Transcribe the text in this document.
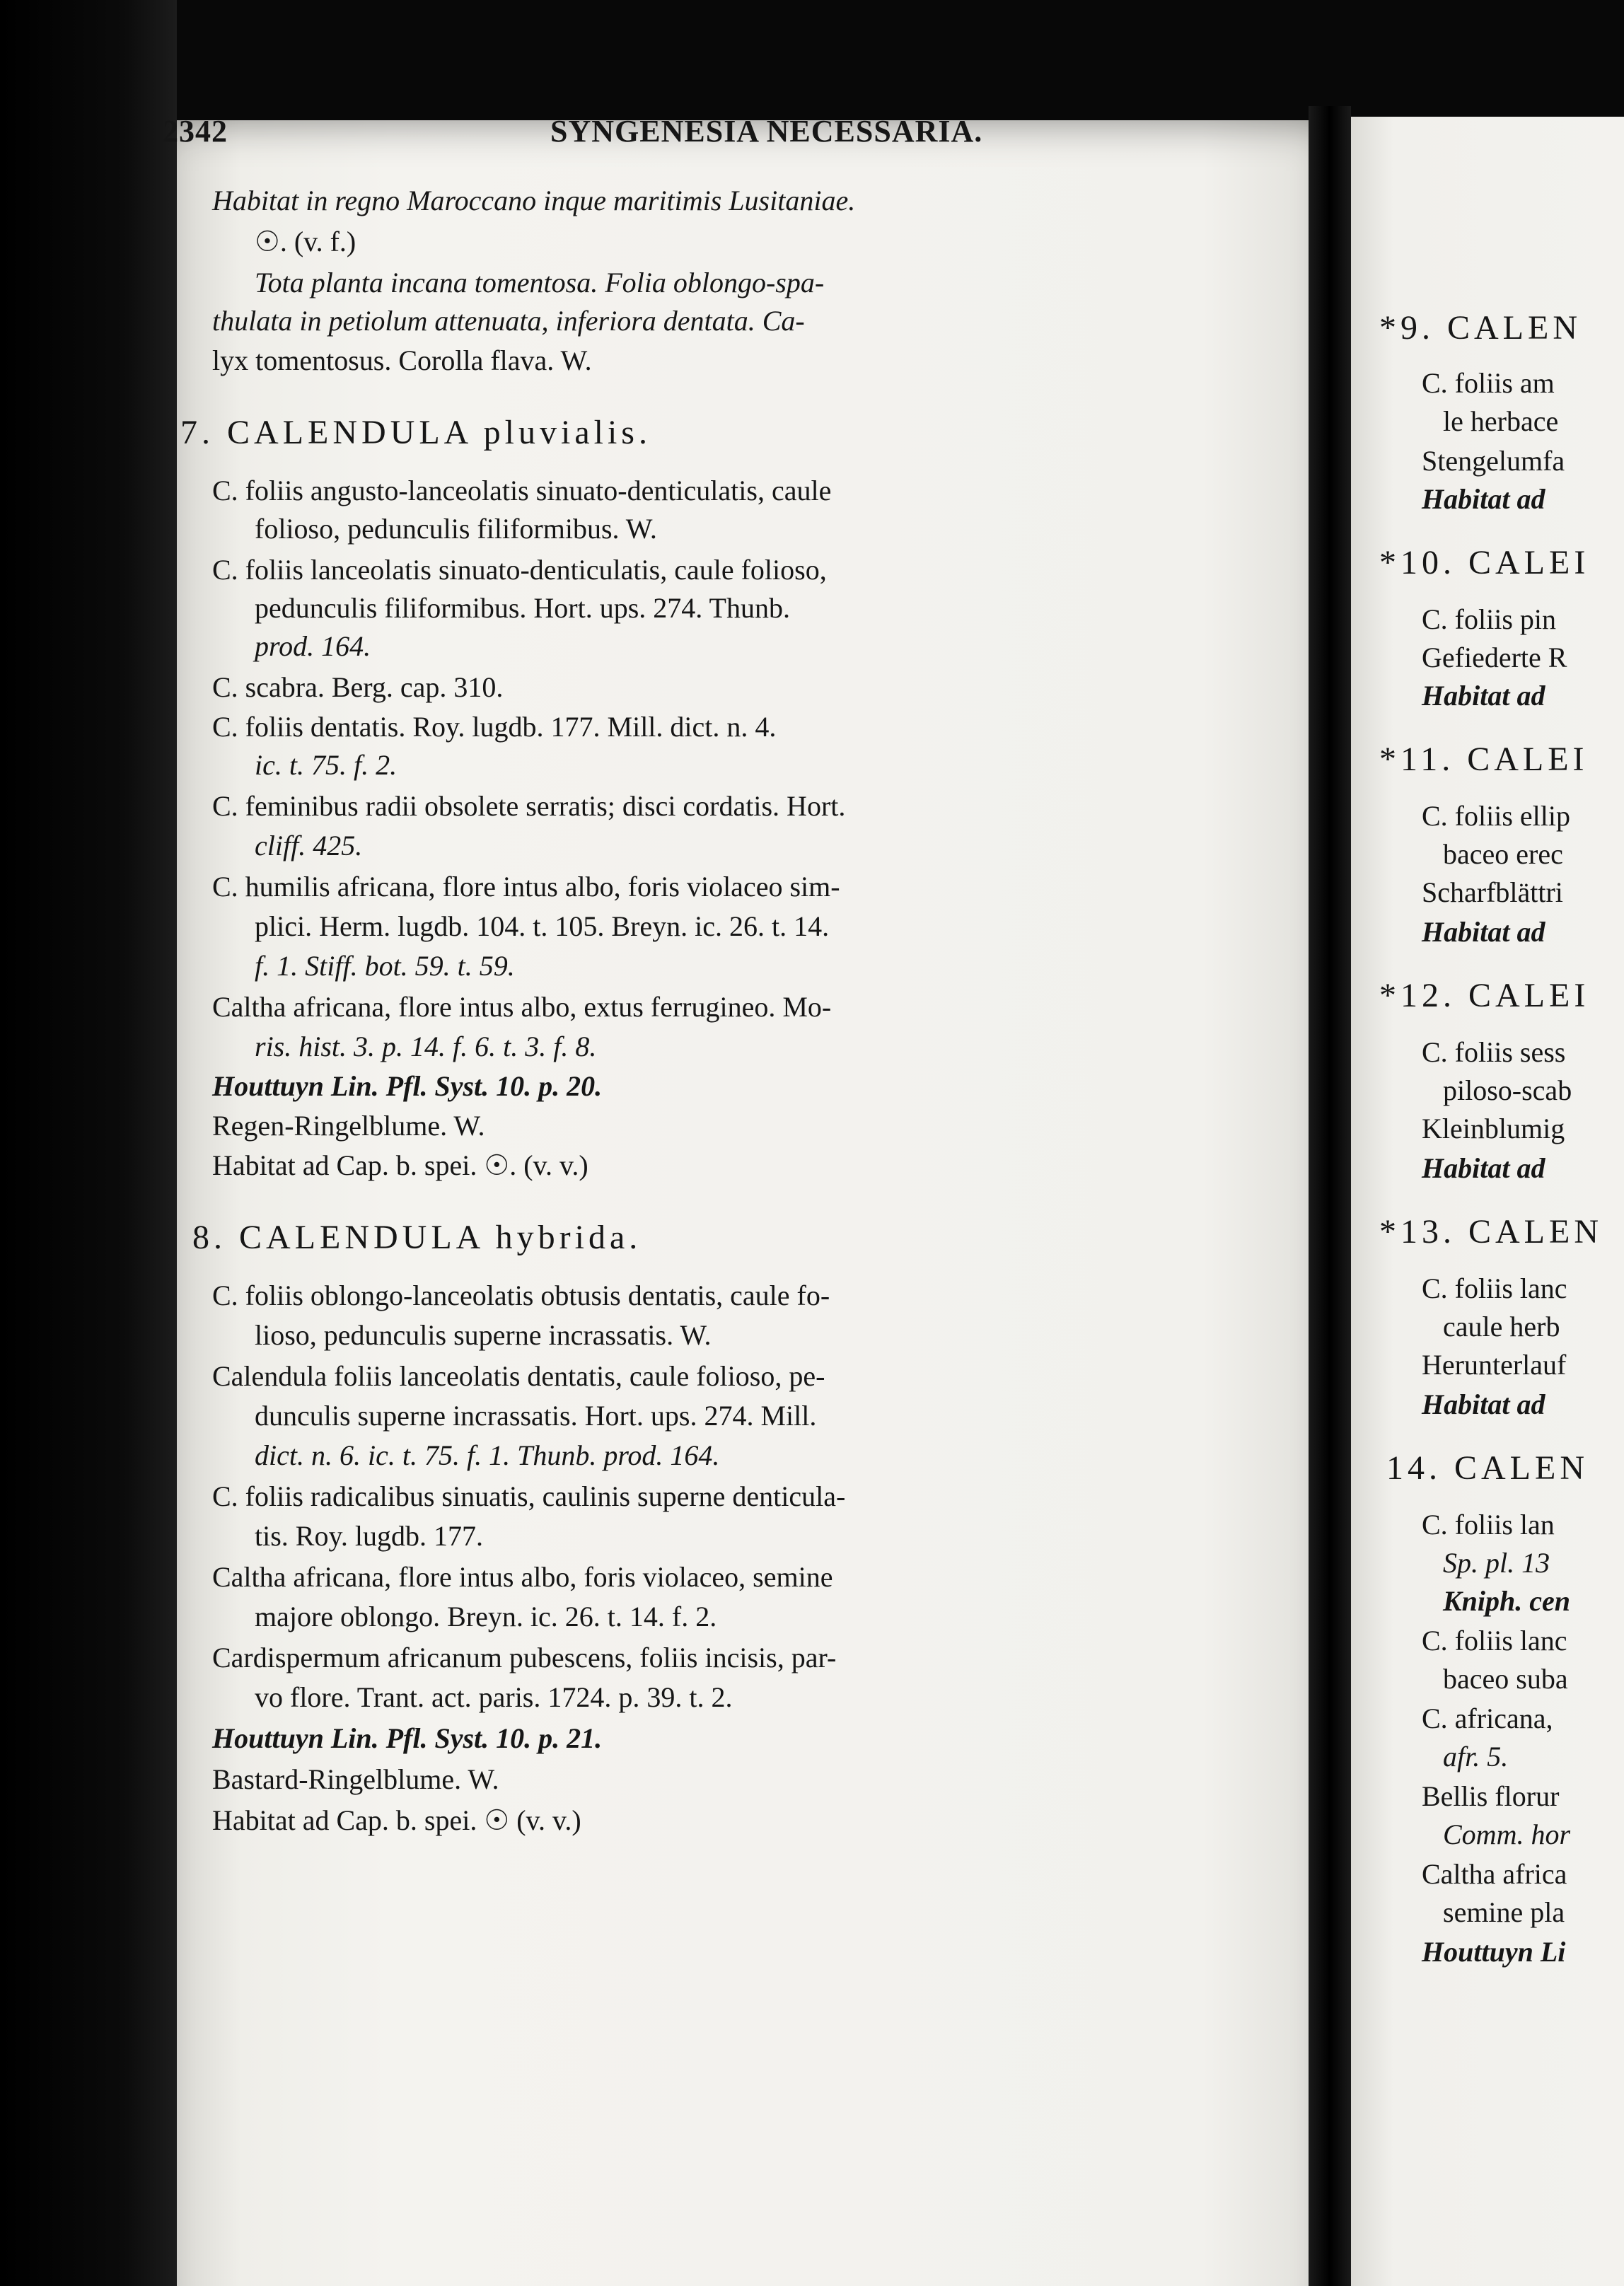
2342	SYNGENESIA NECESSARIA.
Habitat in regno Maroccano inque maritimis Lusitaniae.
☉. (v. f.)
Tota planta incana tomentosa. Folia oblongo-spa-
thulata in petiolum attenuata, inferiora dentata. Ca-
lyx tomentosus. Corolla flava. W.
7. CALENDULA pluvialis.
C. foliis angusto-lanceolatis sinuato-denticulatis, caule
folioso, pedunculis filiformibus. W.
C. foliis lanceolatis sinuato-denticulatis, caule folioso,
pedunculis filiformibus. Hort. ups. 274. Thunb.
prod. 164.
C. scabra. Berg. cap. 310.
C. foliis dentatis. Roy. lugdb. 177. Mill. dict. n. 4.
ic. t. 75. f. 2.
C. feminibus radii obsolete serratis; disci cordatis. Hort.
cliff. 425.
C. humilis africana, flore intus albo, foris violaceo sim-
plici. Herm. lugdb. 104. t. 105. Breyn. ic. 26. t. 14.
f. 1. Stiff. bot. 59. t. 59.
Caltha africana, flore intus albo, extus ferrugineo. Mo-
ris. hist. 3. p. 14. f. 6. t. 3. f. 8.
Houttuyn Lin. Pfl. Syst. 10. p. 20.
Regen-Ringelblume. W.
Habitat ad Cap. b. spei. ☉. (v. v.)
8. CALENDULA hybrida.
C. foliis oblongo-lanceolatis obtusis dentatis, caule fo-
lioso, pedunculis superne incrassatis. W.
Calendula foliis lanceolatis dentatis, caule folioso, pe-
dunculis superne incrassatis. Hort. ups. 274. Mill.
dict. n. 6. ic. t. 75. f. 1. Thunb. prod. 164.
C. foliis radicalibus sinuatis, caulinis superne denticula-
tis. Roy. lugdb. 177.
Caltha africana, flore intus albo, foris violaceo, semine
majore oblongo. Breyn. ic. 26. t. 14. f. 2.
Cardispermum africanum pubescens, foliis incisis, par-
vo flore. Trant. act. paris. 1724. p. 39. t. 2.
Houttuyn Lin. Pfl. Syst. 10. p. 21.
Bastard-Ringelblume. W.
Habitat ad Cap. b. spei. ☉ (v. v.)
*9. CALEN
C. foliis am
le herbace
Stengelumfa
Habitat ad
*10. CALEI
C. foliis pin
Gefiederte R
Habitat ad
*11. CALEI
C. foliis ellip
baceo erec
Scharfblättri
Habitat ad
*12. CALEI
C. foliis sess
piloso-scab
Kleinblumig
Habitat ad
*13. CALEN
C. foliis lanc
caule herb
Herunterlauf
Habitat ad
14. CALEN
C. foliis lan
Sp. pl. 13
Kniph. cen
C. foliis lanc
baceo suba
C. africana,
afr. 5.
Bellis florur
Comm. hor
Caltha africa
semine pla
Houttuyn Li
